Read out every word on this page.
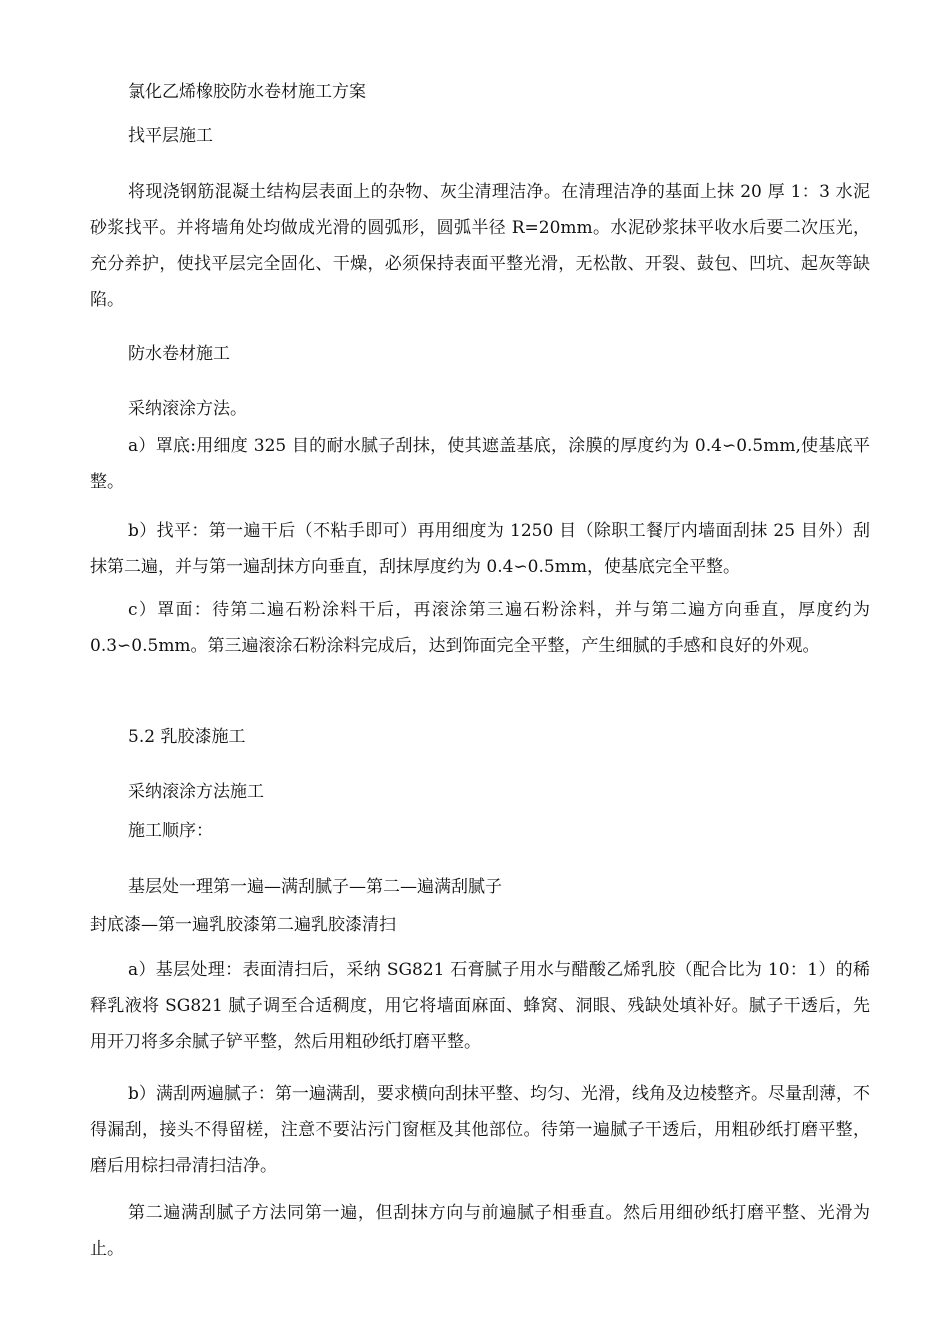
氯化乙烯橡胶防水卷材施工方案

找平层施工

将现浇钢筋混凝土结构层表面上的杂物、灰尘清理洁净。在清理洁净的基面上抹 20 厚 1：3 水泥砂浆找平。并将墙角处均做成光滑的圆弧形，圆弧半径 R=20mm。水泥砂浆抹平收水后要二次压光，充分养护，使找平层完全固化、干燥，必须保持表面平整光滑，无松散、开裂、鼓包、凹坑、起灰等缺陷。

防水卷材施工

采纳滚涂方法。

a）罩底:用细度 325 目的耐水腻子刮抹，使其遮盖基底，涂膜的厚度约为 0.4∽0.5mm,使基底平整。

b）找平：第一遍干后（不粘手即可）再用细度为 1250 目（除职工餐厅内墙面刮抹 25 目外）刮抹第二遍，并与第一遍刮抹方向垂直，刮抹厚度约为 0.4∽0.5mm，使基底完全平整。

c）罩面：待第二遍石粉涂料干后，再滚涂第三遍石粉涂料，并与第二遍方向垂直，厚度约为 0.3∽0.5mm。第三遍滚涂石粉涂料完成后，达到饰面完全平整，产生细腻的手感和良好的外观。

5.2 乳胶漆施工

采纳滚涂方法施工

施工顺序：

基层处一理第一遍—满刮腻子—第二—遍满刮腻子

封底漆—第一遍乳胶漆第二遍乳胶漆清扫

a）基层处理：表面清扫后，采纳 SG821 石膏腻子用水与醋酸乙烯乳胶（配合比为 10：1）的稀释乳液将 SG821 腻子调至合适稠度，用它将墙面麻面、蜂窝、洞眼、残缺处填补好。腻子干透后，先用开刀将多余腻子铲平整，然后用粗砂纸打磨平整。

b）满刮两遍腻子：第一遍满刮，要求横向刮抹平整、均匀、光滑，线角及边棱整齐。尽量刮薄，不得漏刮，接头不得留槎，注意不要沾污门窗框及其他部位。待第一遍腻子干透后，用粗砂纸打磨平整，磨后用棕扫帚清扫洁净。

第二遍满刮腻子方法同第一遍，但刮抹方向与前遍腻子相垂直。然后用细砂纸打磨平整、光滑为止。
